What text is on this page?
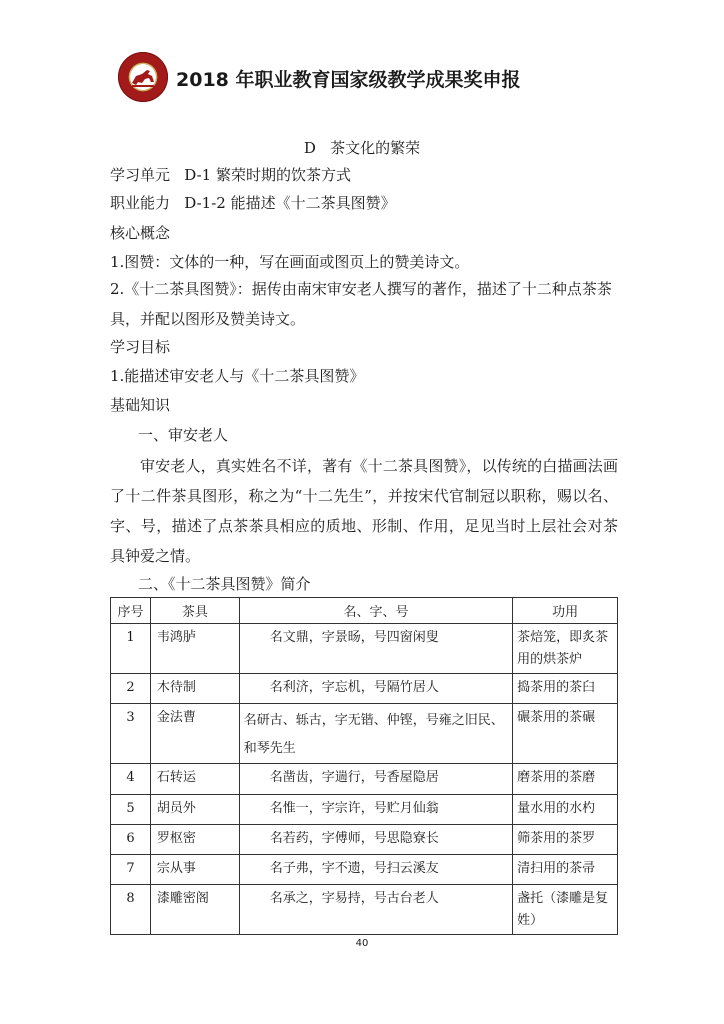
2018 年职业教育国家级教学成果奖申报
D   茶文化的繁荣
学习单元   D-1 繁荣时期的饮茶方式
职业能力   D-1-2 能描述《十二茶具图赞》
核心概念
1.图赞：文体的一种，写在画面或图页上的赞美诗文。
2.《十二茶具图赞》：据传由南宋审安老人撰写的著作，描述了十二种点茶茶具，并配以图形及赞美诗文。
学习目标
1.能描述审安老人与《十二茶具图赞》
基础知识
一、审安老人
审安老人，真实姓名不详，著有《十二茶具图赞》，以传统的白描画法画了十二件茶具图形，称之为“十二先生”，并按宋代官制冠以职称，赐以名、字、号，描述了点茶茶具相应的质地、形制、作用，足见当时上层社会对茶具钟爱之情。
二、《十二茶具图赞》简介
序号	茶具	名、字、号	功用
1	韦鸿胪	名文鼎，字景旸，号四窗闲叟	茶焙笼，即炙茶用的烘茶炉
2	木待制	名利济，字忘机，号隔竹居人	捣茶用的茶臼
3	金法曹	名研古、轹古，字无锴、仲铿，号雍之旧民、和琴先生	碾茶用的茶碾
4	石转运	名凿齿，字遄行，号香屋隐居	磨茶用的茶磨
5	胡员外	名惟一，字宗许，号贮月仙翁	量水用的水杓
6	罗枢密	名若药，字傅师，号思隐寮长	筛茶用的茶罗
7	宗从事	名子弗，字不遗，号扫云溪友	清扫用的茶帚
8	漆雕密阁	名承之，字易持，号古台老人	盏托（漆雕是复姓）
40
